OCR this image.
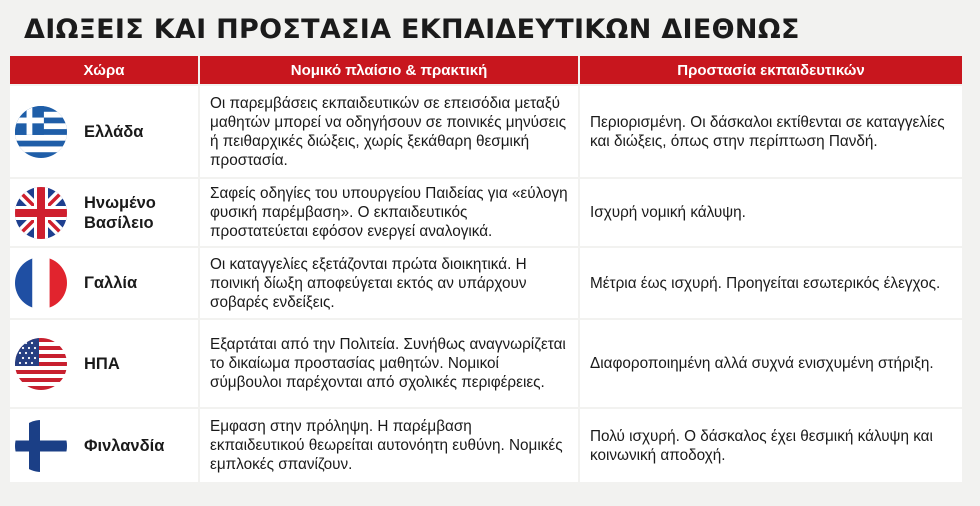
ΔΙΩΞΕΙΣ ΚΑΙ ΠΡΟΣΤΑΣΙΑ ΕΚΠΑΙΔΕΥΤΙΚΩΝ ΔΙΕΘΝΩΣ
Χώρα	Νομικό πλαίσιο & πρακτική	Προστασία εκπαιδευτικών
Ελλάδα
Οι παρεμβάσεις εκπαιδευτικών σε επεισόδια μεταξύ μαθητών μπορεί να οδηγήσουν σε ποινικές μηνύσεις ή πειθαρχικές διώξεις, χωρίς ξεκάθαρη θεσμική προστασία.
Περιορισμένη. Οι δάσκαλοι εκτίθενται σε καταγγελίες και διώξεις, όπως στην περίπτωση Πανδή.
Ηνωμένο Βασίλειο
Σαφείς οδηγίες του υπουργείου Παιδείας για «εύλογη φυσική παρέμβαση». Ο εκπαιδευτικός προστατεύεται εφόσον ενεργεί αναλογικά.
Ισχυρή νομική κάλυψη.
Γαλλία
Οι καταγγελίες εξετάζονται πρώτα διοικητικά. Η ποινική δίωξη αποφεύγεται εκτός αν υπάρχουν σοβαρές ενδείξεις.
Μέτρια έως ισχυρή. Προηγείται εσωτερικός έλεγχος.
ΗΠΑ
Εξαρτάται από την Πολιτεία. Συνήθως αναγνωρίζεται το δικαίωμα προστασίας μαθητών. Νομικοί σύμβουλοι παρέχονται από σχολικές περιφέρειες.
Διαφοροποιημένη αλλά συχνά ενισχυμένη στήριξη.
Φινλανδία
Εμφαση στην πρόληψη. Η παρέμβαση εκπαιδευτικού θεωρείται αυτονόητη ευθύνη. Νομικές εμπλοκές σπανίζουν.
Πολύ ισχυρή. Ο δάσκαλος έχει θεσμική κάλυψη και κοινωνική αποδοχή.
